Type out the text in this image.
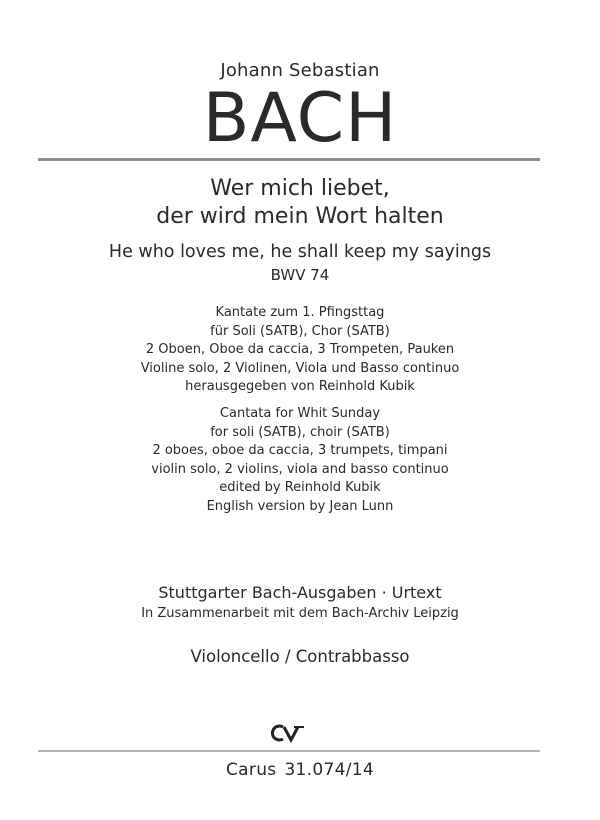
Johann Sebastian
BACH
Wer mich liebet,
der wird mein Wort halten
He who loves me, he shall keep my sayings
BWV 74
Kantate zum 1. Pfingsttag
für Soli (SATB), Chor (SATB)
2 Oboen, Oboe da caccia, 3 Trompeten, Pauken
Violine solo, 2 Violinen, Viola und Basso continuo
herausgegeben von Reinhold Kubik
Cantata for Whit Sunday
for soli (SATB), choir (SATB)
2 oboes, oboe da caccia, 3 trumpets, timpani
violin solo, 2 violins, viola and basso continuo
edited by Reinhold Kubik
English version by Jean Lunn
Stuttgarter Bach-Ausgaben · Urtext
In Zusammenarbeit mit dem Bach-Archiv Leipzig
Violoncello / Contrabbasso
Carus 31.074/14
